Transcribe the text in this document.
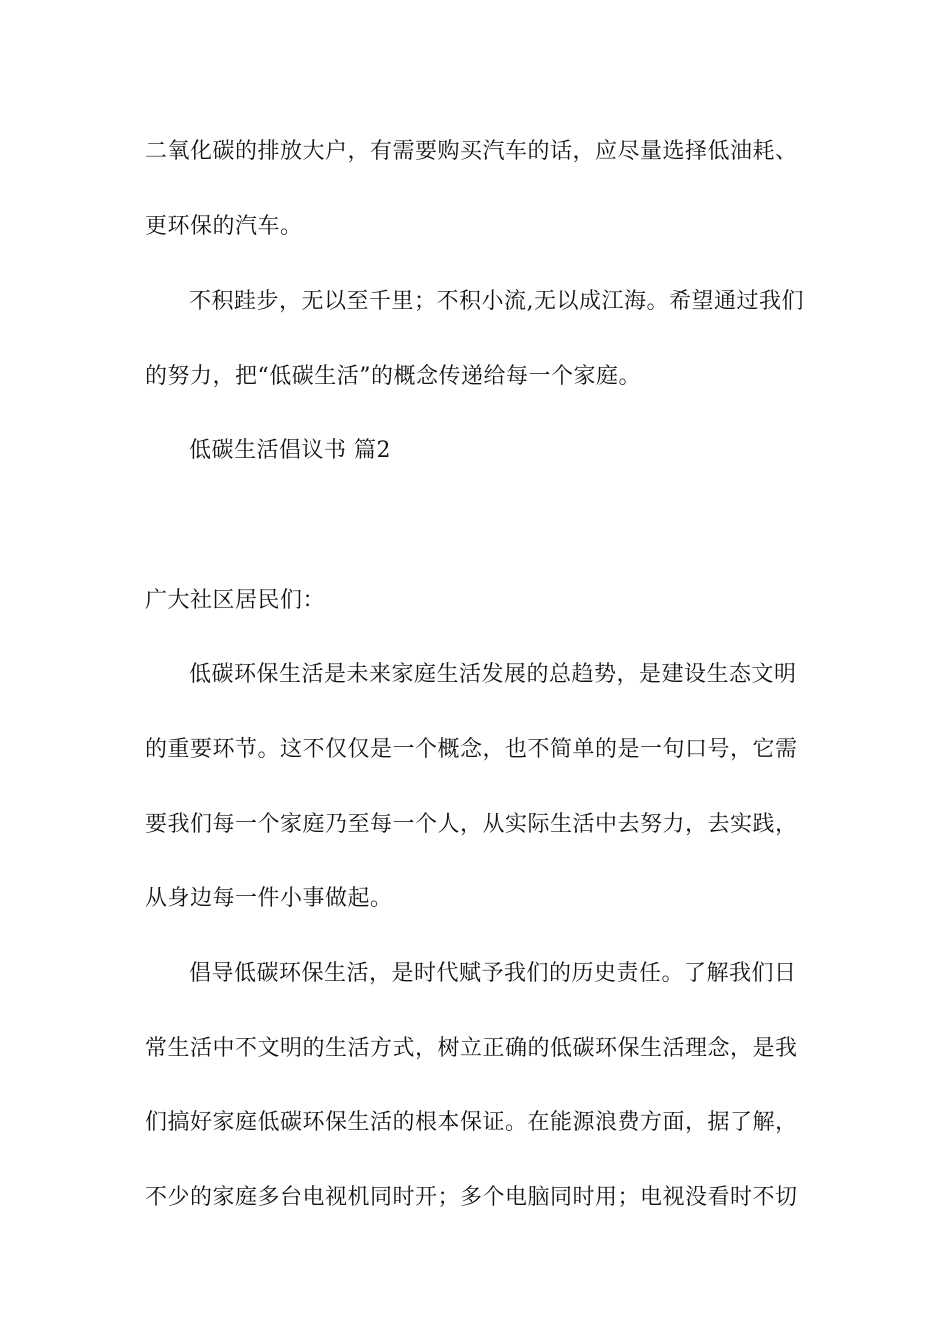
二氧化碳的排放大户，有需要购买汽车的话，应尽量选择低油耗、
更环保的汽车。
不积跬步，无以至千里；不积小流,无以成江海。希望通过我们
的努力，把“低碳生活”的概念传递给每一个家庭。
低碳生活倡议书 篇2
广大社区居民们：
低碳环保生活是未来家庭生活发展的总趋势，是建设生态文明
的重要环节。这不仅仅是一个概念，也不简单的是一句口号，它需
要我们每一个家庭乃至每一个人，从实际生活中去努力，去实践，
从身边每一件小事做起。
倡导低碳环保生活，是时代赋予我们的历史责任。了解我们日
常生活中不文明的生活方式，树立正确的低碳环保生活理念，是我
们搞好家庭低碳环保生活的根本保证。在能源浪费方面，据了解，
不少的家庭多台电视机同时开；多个电脑同时用；电视没看时不切
